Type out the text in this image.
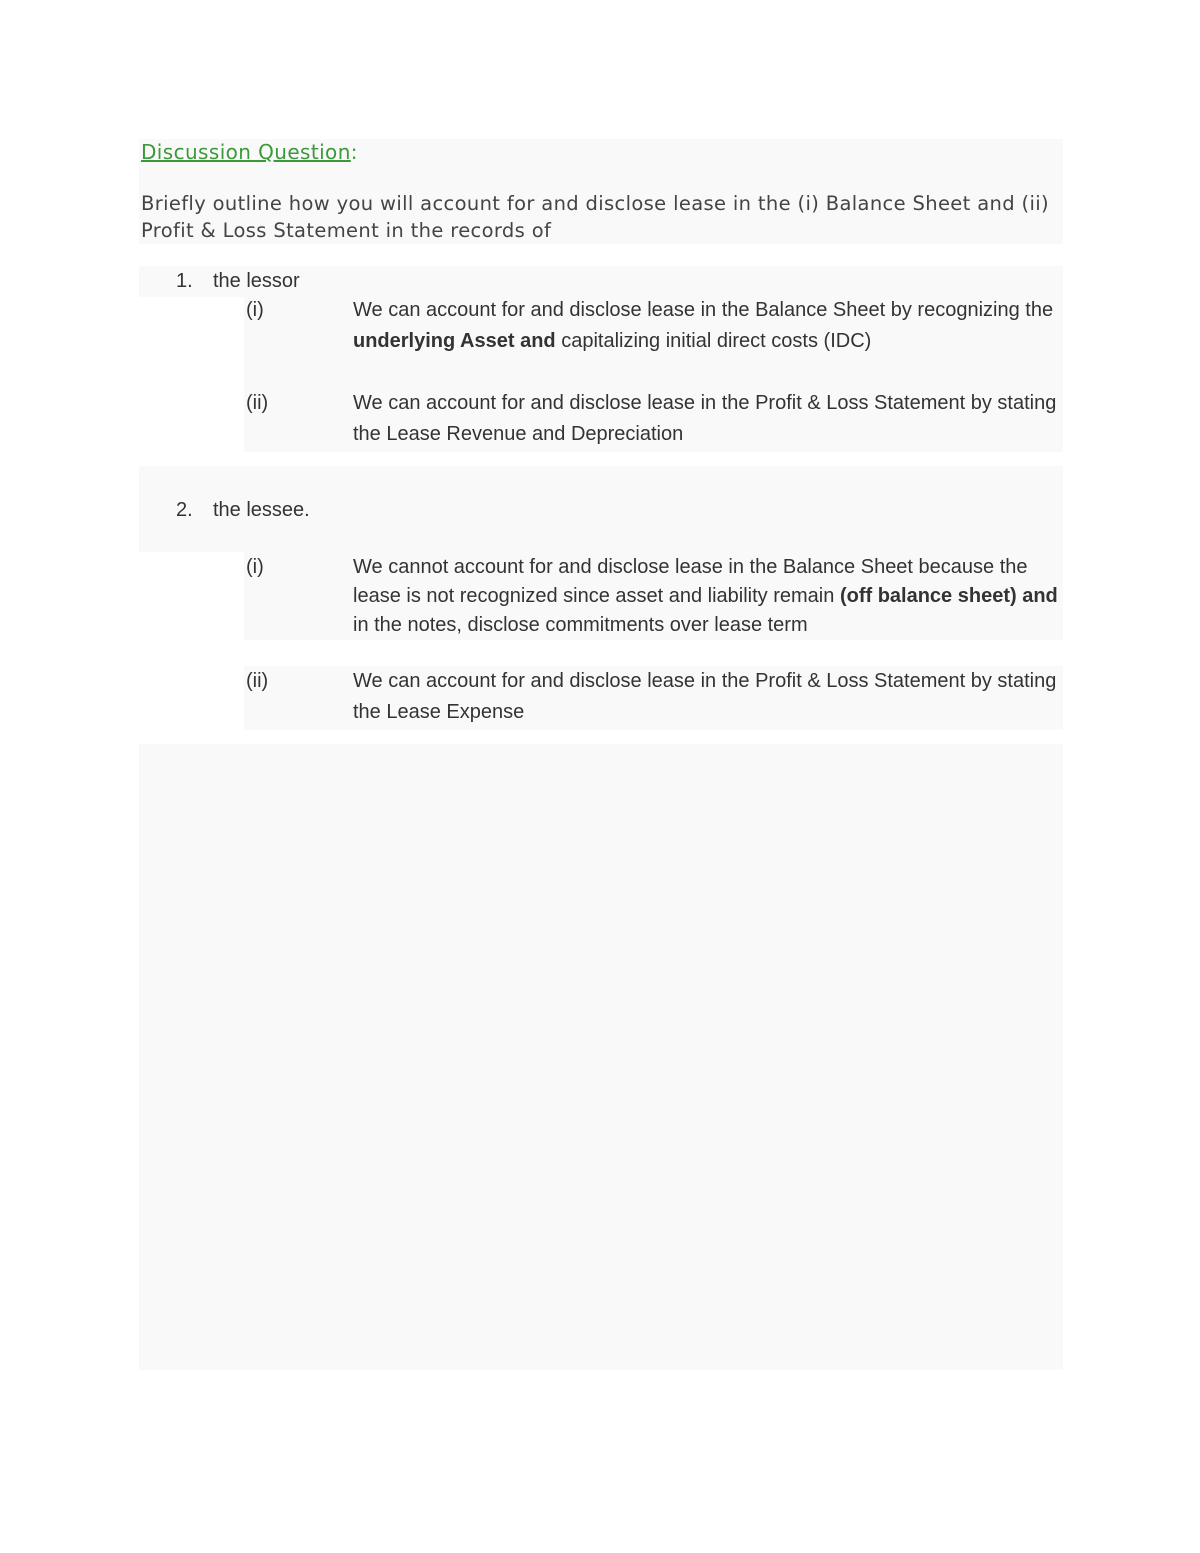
Discussion Question:
Briefly outline how you will account for and disclose lease in the (i) Balance Sheet and (ii) Profit & Loss Statement in the records of
1. the lessor
(i)	We can account for and disclose lease in the Balance Sheet by recognizing the underlying Asset and capitalizing initial direct costs (IDC)
(ii)	We can account for and disclose lease in the Profit & Loss Statement by stating the Lease Revenue and Depreciation
2. the lessee.
(i)	We cannot account for and disclose lease in the Balance Sheet because the lease is not recognized since asset and liability remain (off balance sheet) and in the notes, disclose commitments over lease term
(ii)	We can account for and disclose lease in the Profit & Loss Statement by stating the Lease Expense
